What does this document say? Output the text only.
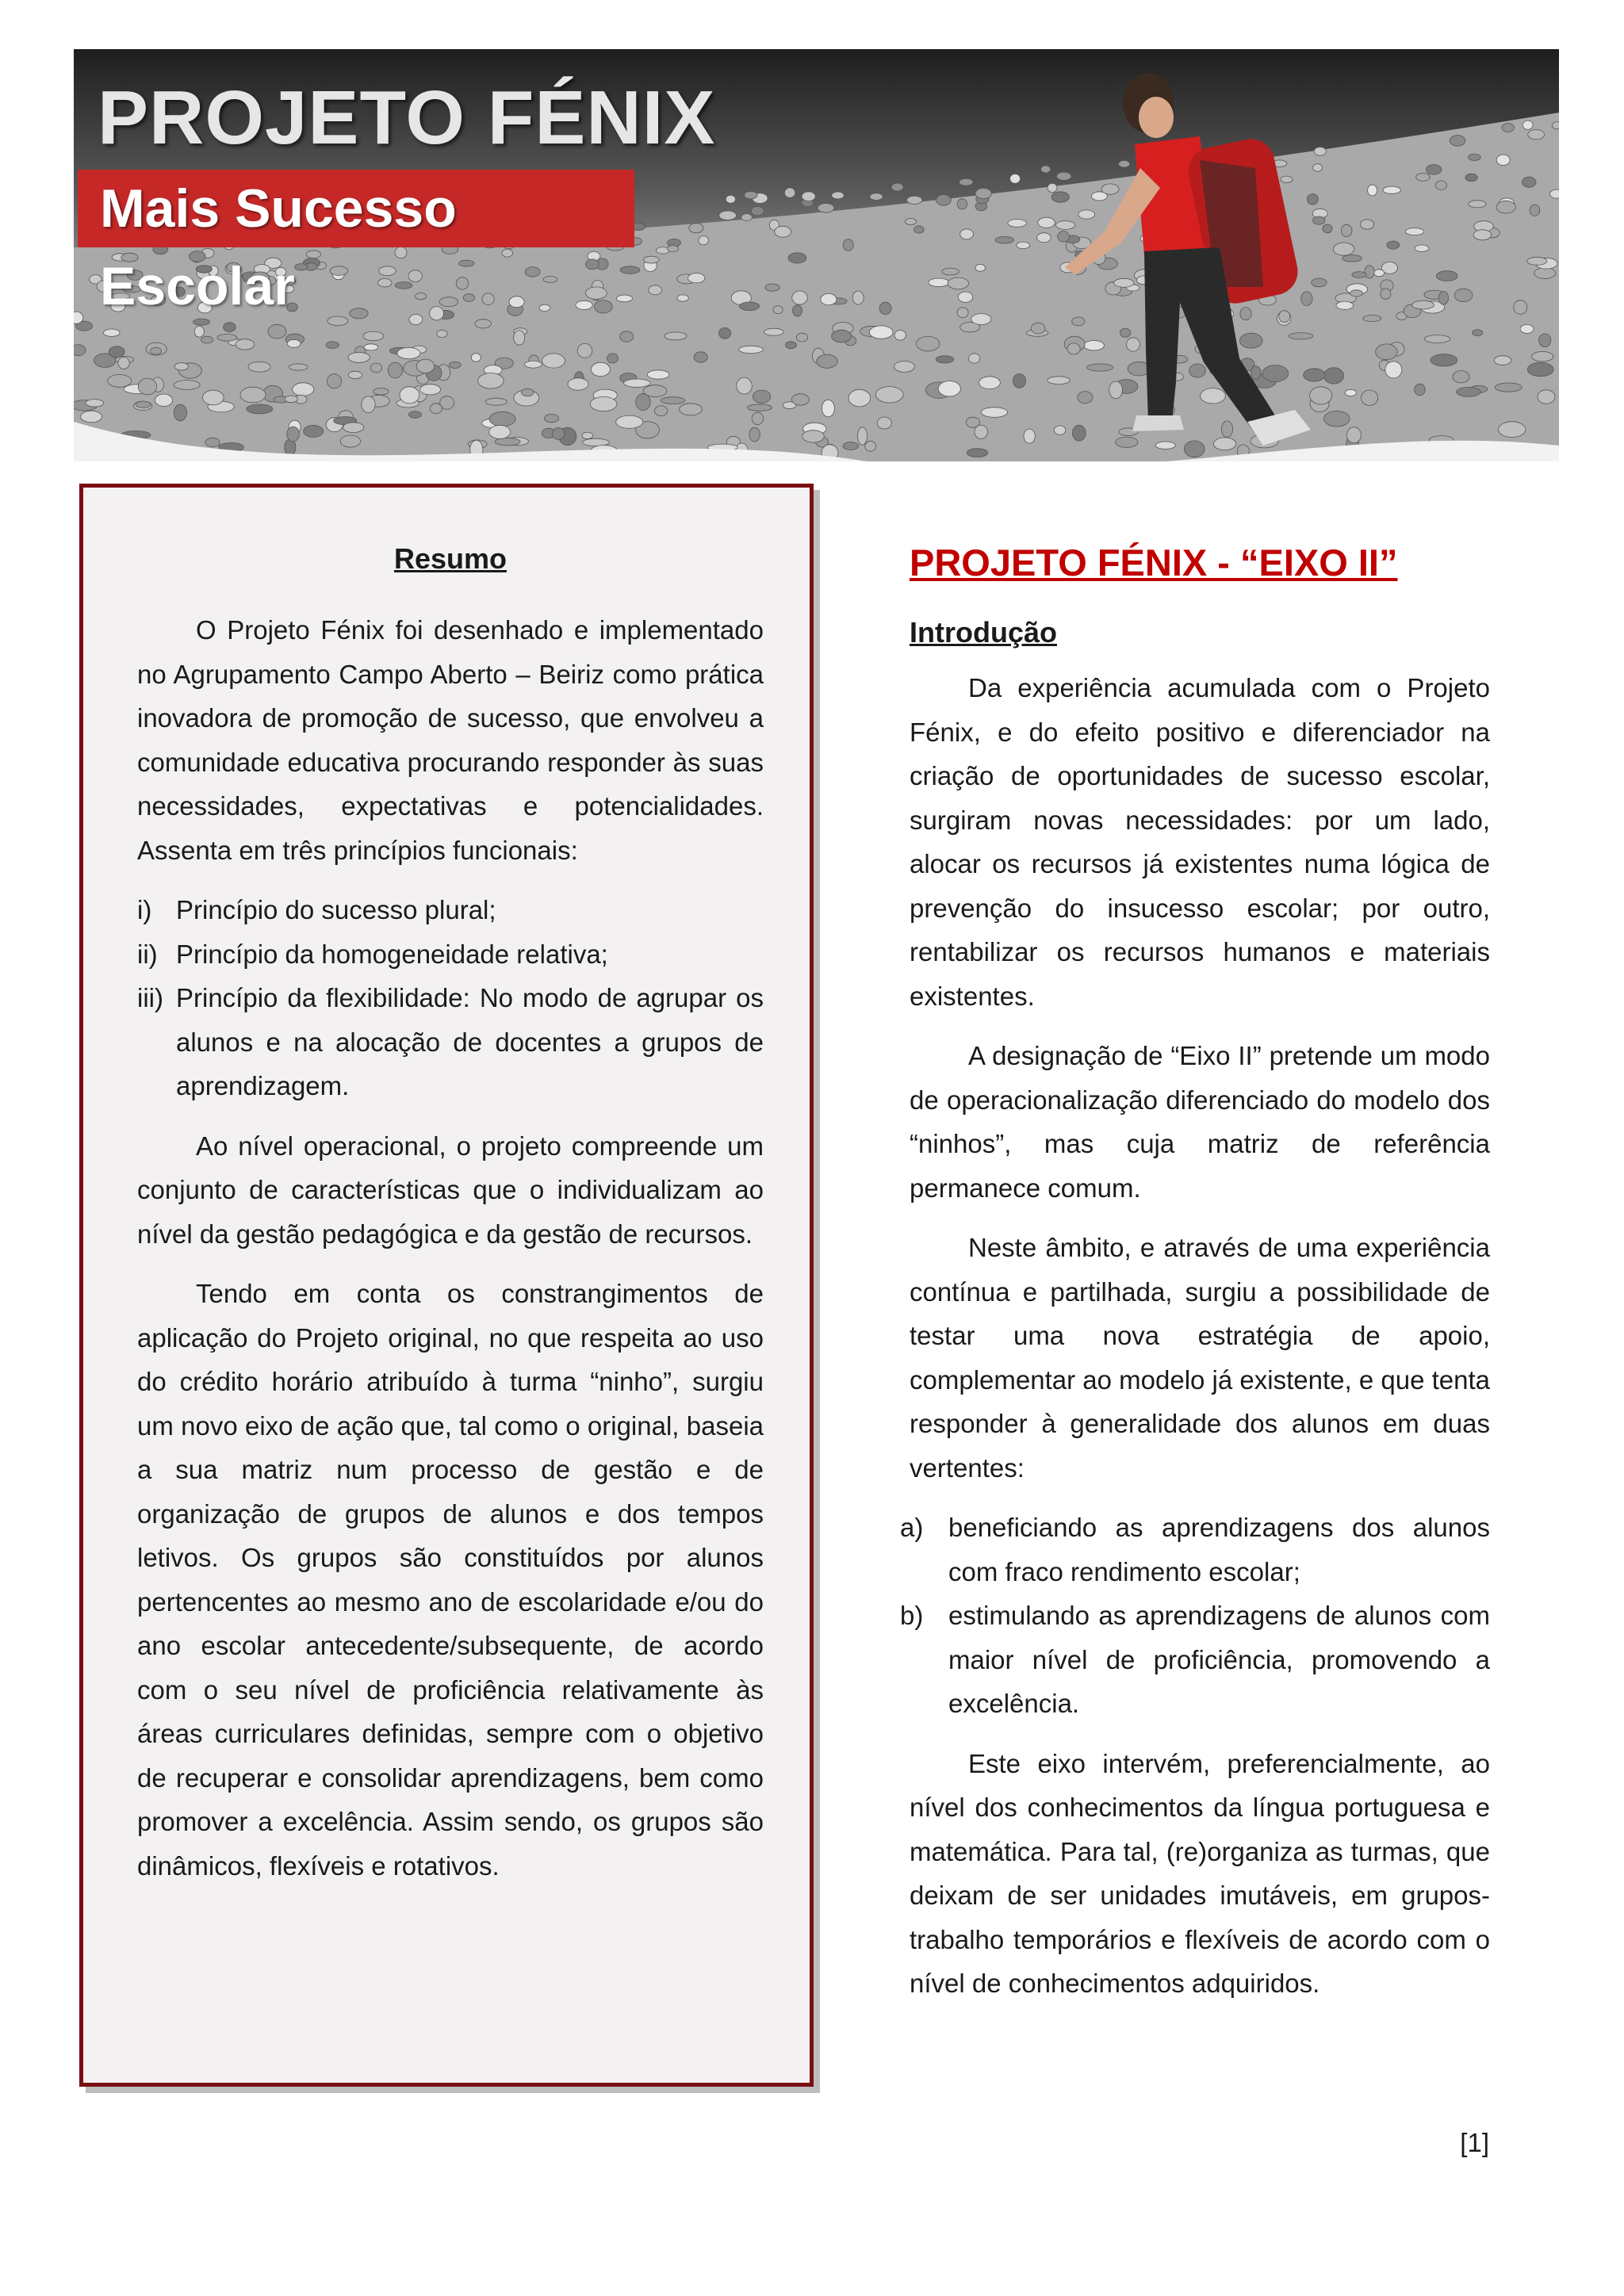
PROJETO FÉNIX
Mais Sucesso Escolar
Resumo

O Projeto Fénix foi desenhado e implementado no Agrupamento Campo Aberto – Beiriz como prática inovadora de promoção de sucesso, que envolveu a comunidade educativa procurando responder às suas necessidades, expectativas e potencialidades. Assenta em três princípios funcionais:

i) Princípio do sucesso plural;
ii) Princípio da homogeneidade relativa;
iii) Princípio da flexibilidade: No modo de agrupar os alunos e na alocação de docentes a grupos de aprendizagem.

Ao nível operacional, o projeto compreende um conjunto de características que o individualizam ao nível da gestão pedagógica e da gestão de recursos.

Tendo em conta os constrangimentos de aplicação do Projeto original, no que respeita ao uso do crédito horário atribuído à turma “ninho”, surgiu um novo eixo de ação que, tal como o original, baseia a sua matriz num processo de gestão e de organização de grupos de alunos e dos tempos letivos. Os grupos são constituídos por alunos pertencentes ao mesmo ano de escolaridade e/ou do ano escolar antecedente/subsequente, de acordo com o seu nível de proficiência relativamente às áreas curriculares definidas, sempre com o objetivo de recuperar e consolidar aprendizagens, bem como promover a excelência. Assim sendo, os grupos são dinâmicos, flexíveis e rotativos.

PROJETO FÉNIX - “EIXO II”
Introdução

Da experiência acumulada com o Projeto Fénix, e do efeito positivo e diferenciador na criação de oportunidades de sucesso escolar, surgiram novas necessidades: por um lado, alocar os recursos já existentes numa lógica de prevenção do insucesso escolar; por outro, rentabilizar os recursos humanos e materiais existentes.

A designação de “Eixo II” pretende um modo de operacionalização diferenciado do modelo dos “ninhos”, mas cuja matriz de referência permanece comum.

Neste âmbito, e através de uma experiência contínua e partilhada, surgiu a possibilidade de testar uma nova estratégia de apoio, complementar ao modelo já existente, e que tenta responder à generalidade dos alunos em duas vertentes:

a) beneficiando as aprendizagens dos alunos com fraco rendimento escolar;
b) estimulando as aprendizagens de alunos com maior nível de proficiência, promovendo a excelência.

Este eixo intervém, preferencialmente, ao nível dos conhecimentos da língua portuguesa e matemática. Para tal, (re)organiza as turmas, que deixam de ser unidades imutáveis, em grupos-trabalho temporários e flexíveis de acordo com o nível de conhecimentos adquiridos.

[1]
